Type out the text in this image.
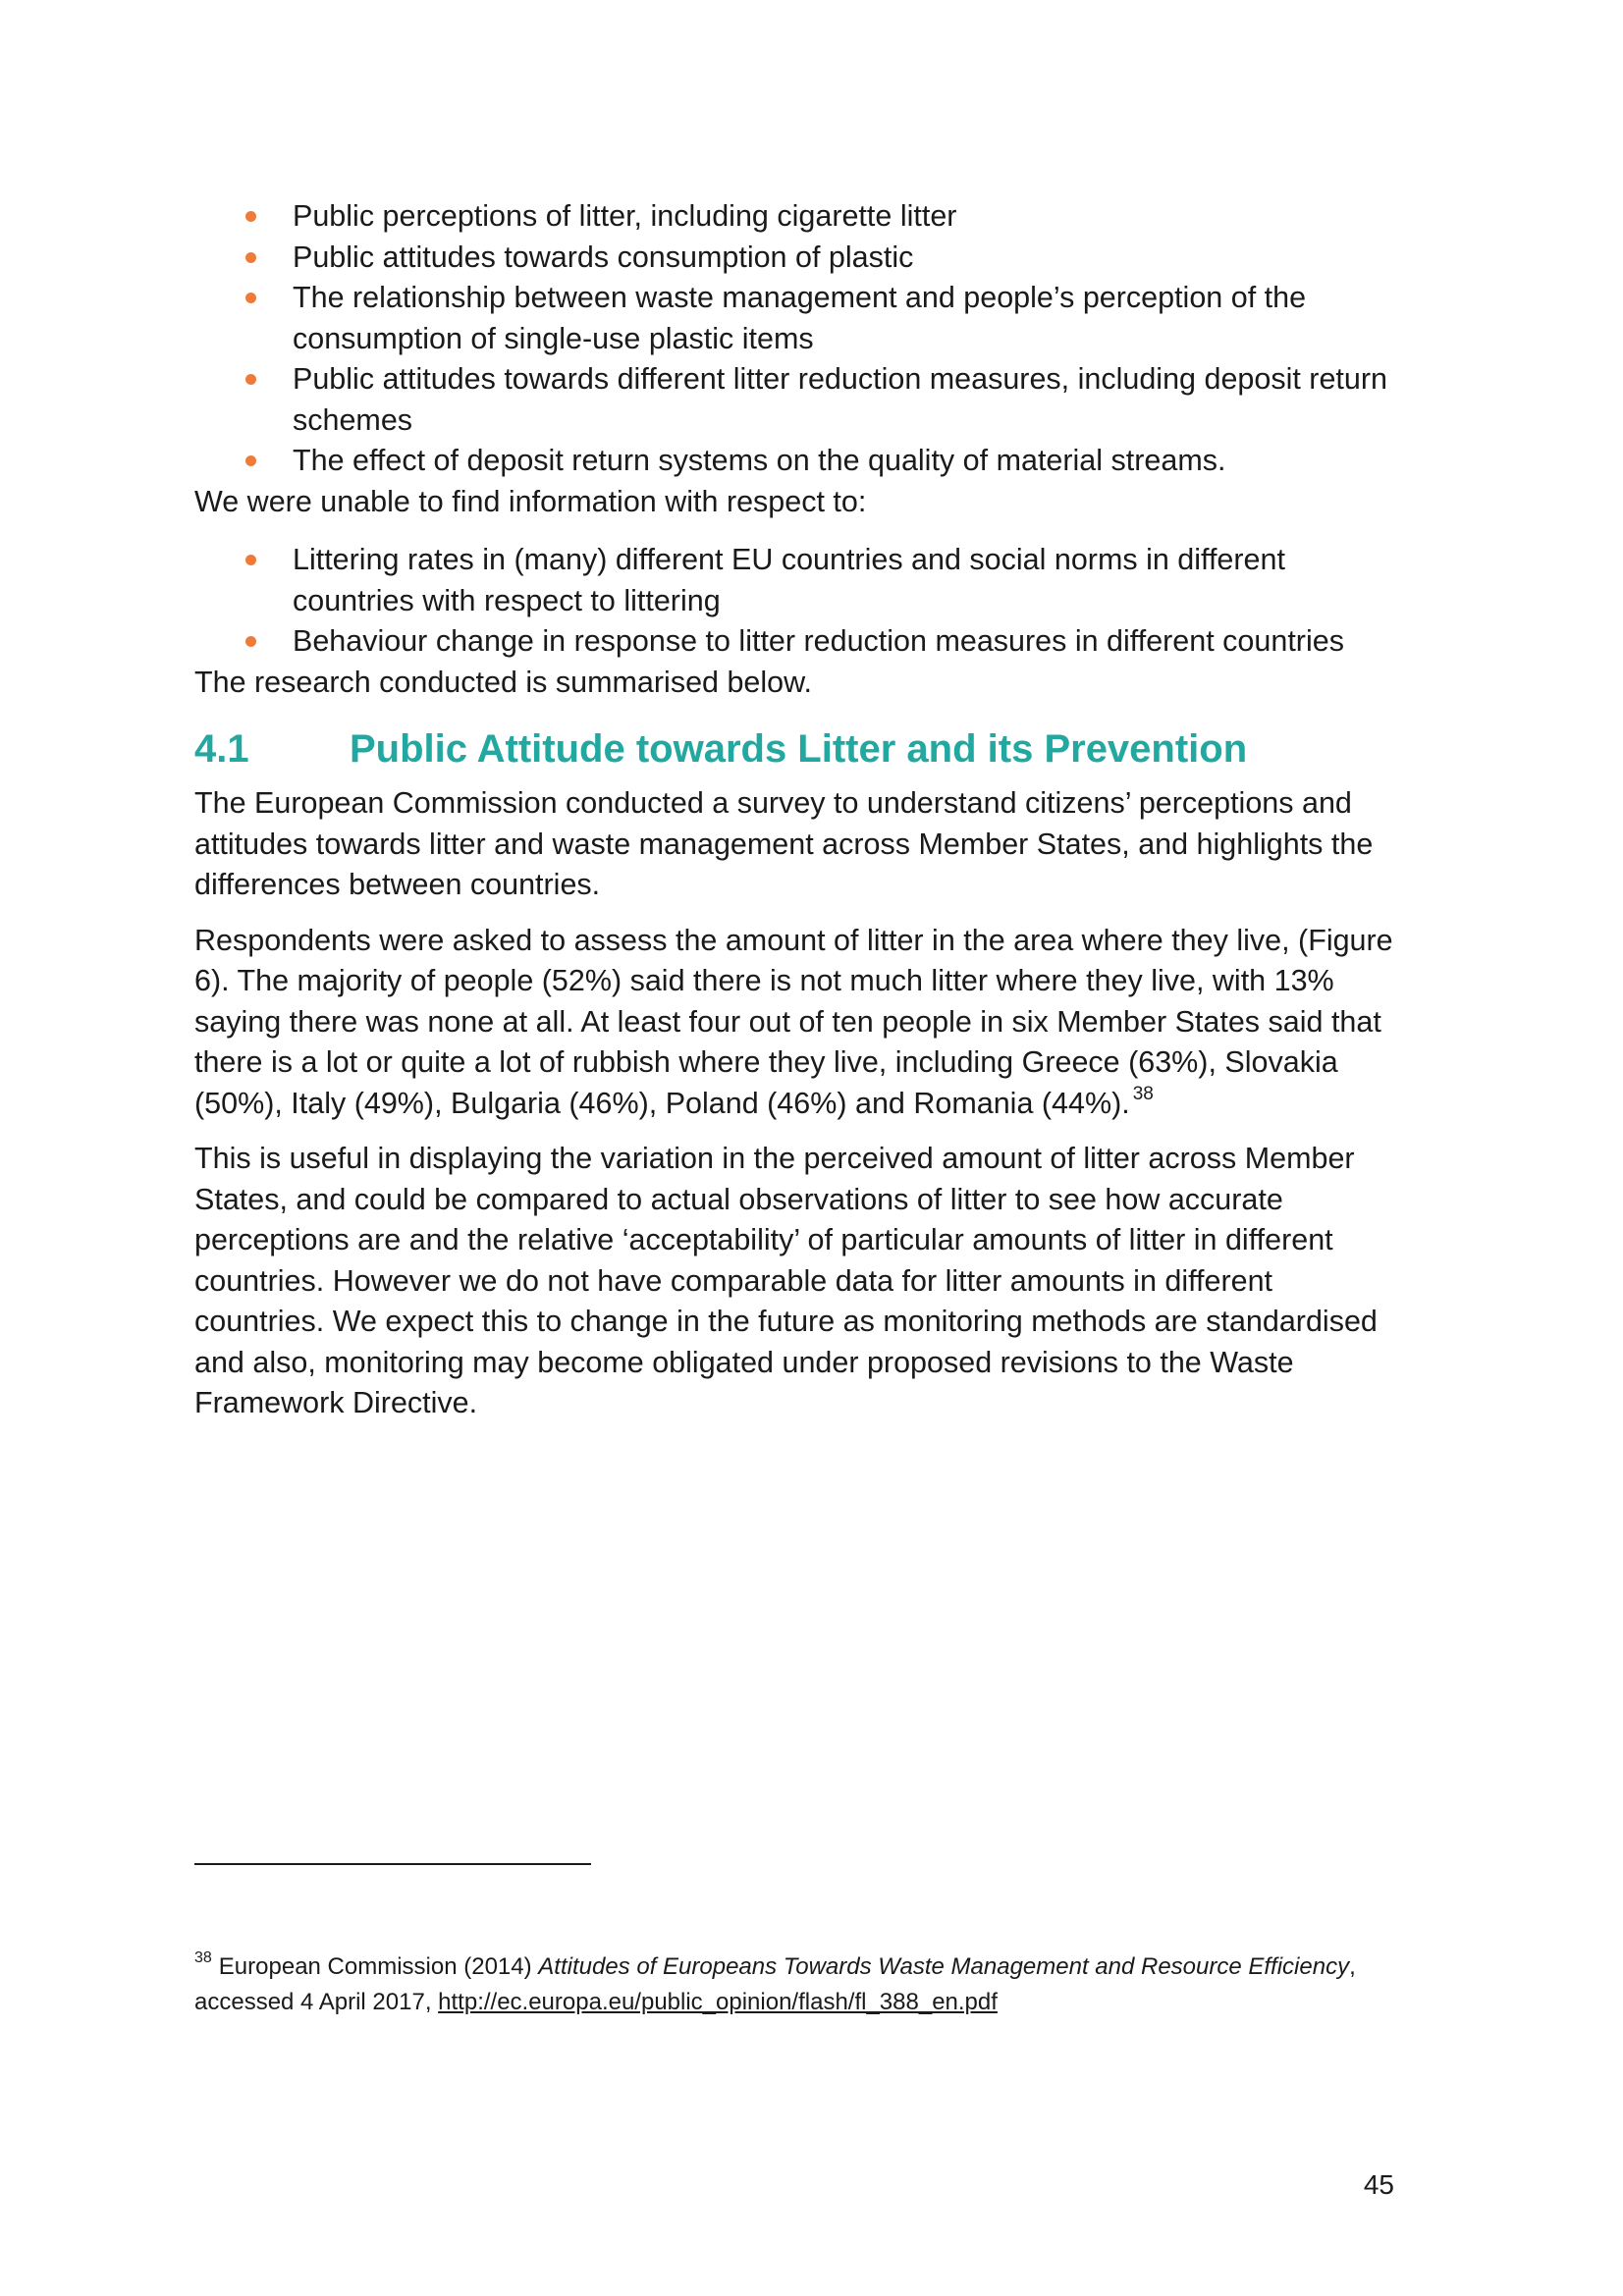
Public perceptions of litter, including cigarette litter
Public attitudes towards consumption of plastic
The relationship between waste management and people’s perception of the consumption of single-use plastic items
Public attitudes towards different litter reduction measures, including deposit return schemes
The effect of deposit return systems on the quality of material streams.

We were unable to find information with respect to:

Littering rates in (many) different EU countries and social norms in different countries with respect to littering
Behaviour change in response to litter reduction measures in different countries

The research conducted is summarised below.

4.1	Public Attitude towards Litter and its Prevention

The European Commission conducted a survey to understand citizens’ perceptions and attitudes towards litter and waste management across Member States, and highlights the differences between countries.

Respondents were asked to assess the amount of litter in the area where they live, (Figure 6). The majority of people (52%) said there is not much litter where they live, with 13% saying there was none at all. At least four out of ten people in six Member States said that there is a lot or quite a lot of rubbish where they live, including Greece (63%), Slovakia (50%), Italy (49%), Bulgaria (46%), Poland (46%) and Romania (44%). $^{38}$

This is useful in displaying the variation in the perceived amount of litter across Member States, and could be compared to actual observations of litter to see how accurate perceptions are and the relative ‘acceptability’ of particular amounts of litter in different countries. However we do not have comparable data for litter amounts in different countries. We expect this to change in the future as monitoring methods are standardised and also, monitoring may become obligated under proposed revisions to the Waste Framework Directive.

$^{38}$ European Commission (2014) Attitudes of Europeans Towards Waste Management and Resource Efficiency, accessed 4 April 2017, http://ec.europa.eu/public_opinion/flash/fl_388_en.pdf
45
